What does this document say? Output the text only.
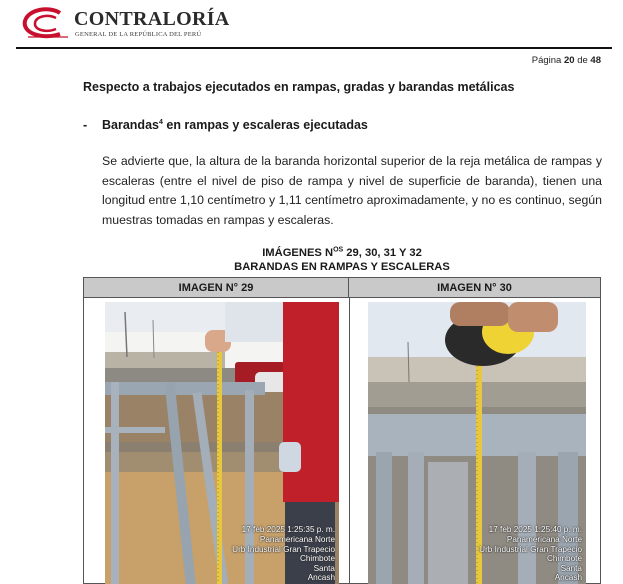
CONTRALORÍA
GENERAL DE LA REPÚBLICA DEL PERÚ
Página 20 de 48
Respecto a trabajos ejecutados en rampas, gradas y barandas metálicas
- Barandas$^4$ en rampas y escaleras ejecutadas

Se advierte que, la altura de la baranda horizontal superior de la reja metálica de rampas y escaleras (entre el nivel de piso de rampa y nivel de superficie de baranda), tienen una longitud entre 1,10 centímetro y 1,11 centímetro aproximadamente, y no es continuo, según muestras tomadas en rampas y escaleras.

IMÁGENES $N^{OS}$ 29, 30, 31 Y 32
BARANDAS EN RAMPAS Y ESCALERAS
IMAGEN N° 29	IMAGEN N° 30
17 feb 2025 1:25:35 p. m.
Panamericana Norte
Urb Industrial Gran Trapecio
Chimbote
Santa
Ancash
17 feb 2025 1:25:40 p. m.
Panamericana Norte
Urb Industrial Gran Trapecio
Chimbote
Santa
Ancash
